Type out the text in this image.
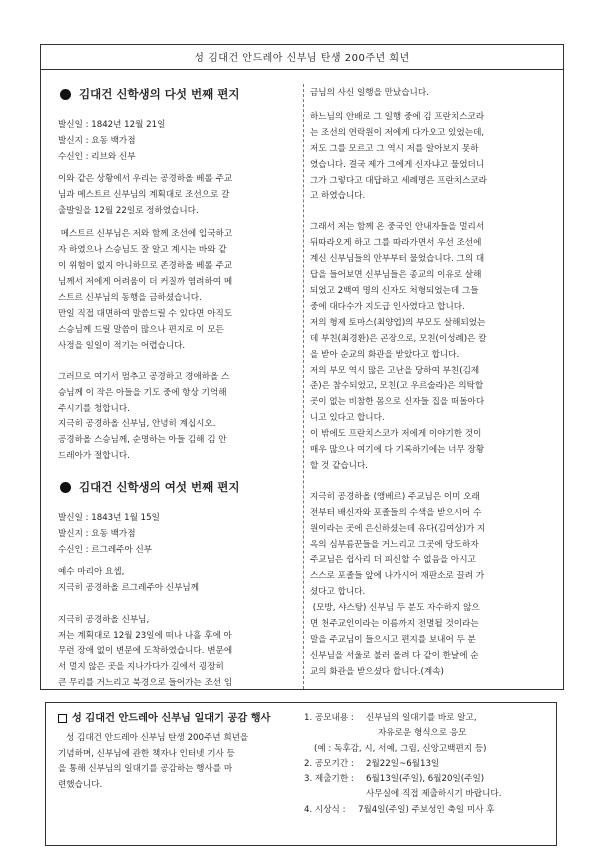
성 김대건 안드레아 신부님 탄생 200주년 희년
김대건 신학생의 다섯 번째 편지

발신일 : 1842년 12월 21일

발신지 : 요동 백가점

수신인 : 리브와 신부

이와 같은 상황에서 우리는 공경하올 베롤 주교

님과 메스트르 신부님의 계획대로 조선으로 갈

출발일을 12월 22일로 정하였습니다.

메스트르 신부님은 저와 함께 조선에 입국하고

자 하였으나 스승님도 잘 알고 계시는 바와 같

이 위험이 없지 아니하므로 존경하올 베롤 주교

님께서 저에게 어려움이 더 커질까 염려하여 메

스트르 신부님의 동행을 금하셨습니다.

만일 직접 대면하여 말씀드릴 수 있다면 아직도

스승님께 드릴 말씀이 많으나 편지로 이 모든

사정을 일일이 적기는 어렵습니다.

그러므로 여기서 멈추고 공경하고 경애하올 스

승님께 이 작은 아들을 기도 중에 항상 기억해

주시기를 청합니다.

지극히 공경하올 신부님, 안녕히 계십시오.

공경하올 스승님께, 순명하는 아들 김해 김 안

드레아가 절합니다.

김대건 신학생의 여섯 번째 편지

발신일 : 1843년 1월 15일

발신지 : 요동 백가점

수신인 : 르그레주아 신부

예수 마리아 요셉,

지극히 공경하올 르그레주아 신부님께

지극히 공경하올 신부님,

저는 계획대로 12월 23일에 떠나 나흘 후에 아

무런 장애 없이 변문에 도착하였습니다. 변문에

서 멀지 않은 곳을 지나가다가 길에서 굉장히

큰 무리를 거느리고 북경으로 들어가는 조선 임

금님의 사신 일행을 만났습니다.

하느님의 안배로 그 일행 중에 김 프란치스코라

는 조선의 연락원이 저에게 다가오고 있었는데,

저도 그를 모르고 그 역시 저를 알아보지 못하

였습니다. 결국 제가 그에게 신자냐고 물었더니

그가 그렇다고 대답하고 세례명은 프란치스코라

고 하였습니다.

그래서 저는 함께 온 중국인 안내자들을 멀리서

뒤따라오게 하고 그를 따라가면서 우선 조선에

계신 신부님들의 안부부터 물었습니다. 그의 대

답을 들어보면 신부님들은 종교의 이유로 살해

되었고 2백여 명의 신자도 처형되었는데 그들

중에 대다수가 지도급 인사였다고 합니다.

저의 형제 토마스(최양업)의 부모도 살해되었는

데 부친(최경환)은 곤장으로, 모친(이성례)은 칼

을 받아 순교의 화관을 받았다고 합니다.

저의 부모 역시 많은 고난을 당하여 부친(김제

준)은 참수되었고, 모친(고 우르술라)은 의탁할

곳이 없는 비참한 몸으로 신자들 집을 떠돌아다

니고 있다고 합니다.

이 밖에도 프란치스코가 저에게 이야기한 것이

매우 많으나 여기에 다 기록하기에는 너무 장황

할 것 같습니다.

지극히 공경하올 (앵베르) 주교님은 이미 오래

전부터 배신자와 포졸들의 수색을 받으시어 수

원이라는 곳에 은신하셨는데 유다(김여상)가 지

옥의 심부름꾼들을 거느리고 그곳에 당도하자

주교님은 쉽사리 더 피신할 수 없음을 아시고

스스로 포졸들 앞에 나가시어 재판소로 끌려 가

셨다고 합니다.

(모방, 샤스탕) 신부님 두 분도 자수하지 않으

면 천주교인이라는 이름까지 전멸될 것이라는

말을 주교님이 들으시고 편지를 보내어 두 분

신부님을 서울로 불러 올려 다 같이 한날에 순

교의 화관을 받으셨다 합니다.(계속)

성 김대건 안드레아 신부님 일대기 공감 행사

성 김대건 안드레아 신부님 탄생 200주년 희년을

기념하며, 신부님에 관한 책자나 인터넷 기사 등

을 통해 신부님의 일대기를 공감하는 행사를 마

련했습니다.

1. 공모내용 :	신부님의 일대기를 바로 알고,
자유로운 형식으로 응모
(예 : 독후감, 시, 서예, 그림, 신앙고백편지 등)
2. 공모기간 :	2월22일~6월13일
3. 제출기한 :	6월13일(주일), 6월20일(주일)
사무실에 직접 제출하시기 바랍니다.
4. 시상식 :	7월4일(주일) 주보성인 축일 미사 후
